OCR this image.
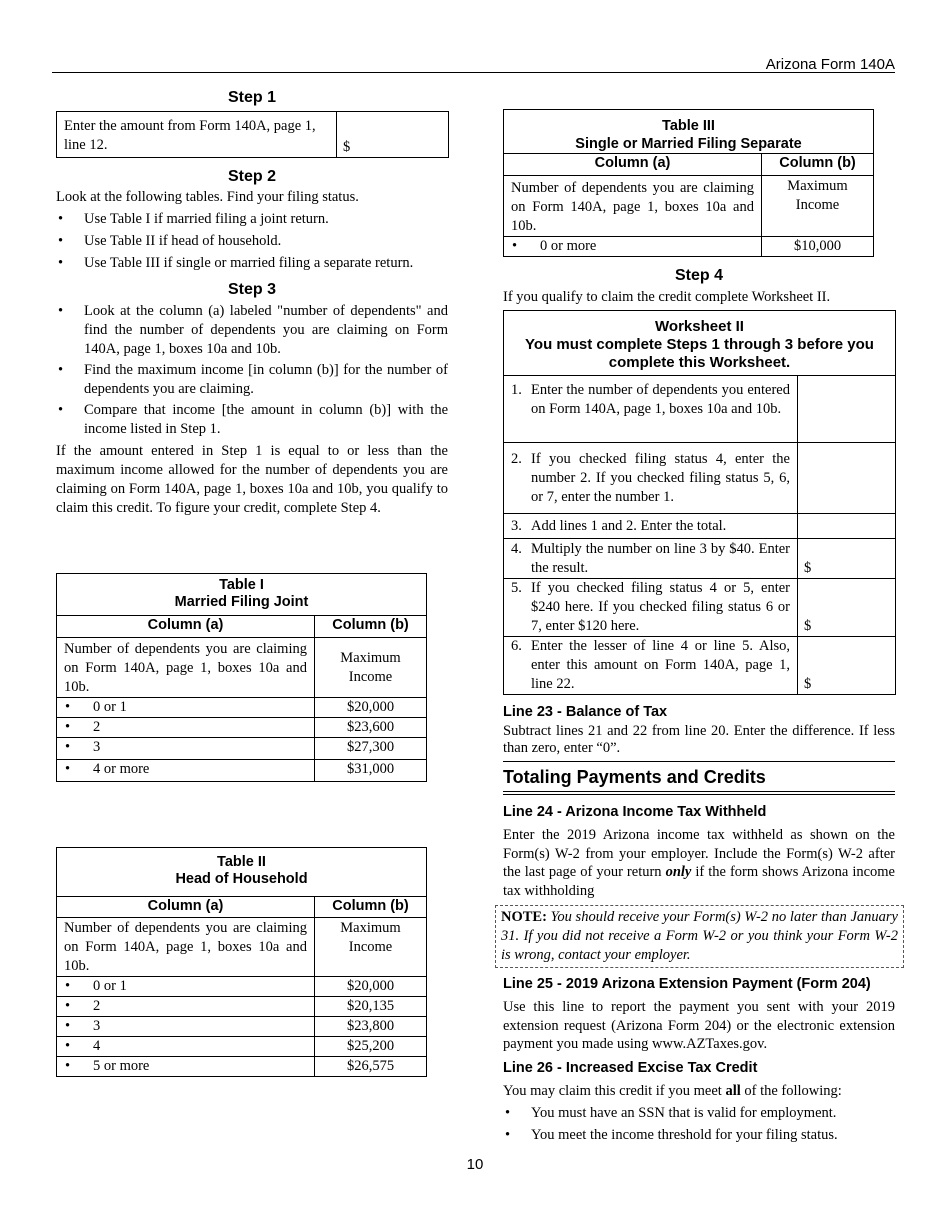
Arizona Form 140A
Step 1
Enter the amount from Form 140A, page 1, line 12.	$
Step 2

Look at the following tables. Find your filing status.

• Use Table I if married filing a joint return.
• Use Table II if head of household.
• Use Table III if single or married filing a separate return.
Step 3
• Look at the column (a) labeled "number of dependents" and find the number of dependents you are claiming on Form 140A, page 1, boxes 10a and 10b.
• Find the maximum income [in column (b)] for the number of dependents you are claiming.
• Compare that income [the amount in column (b)] with the income listed in Step 1.

If the amount entered in Step 1 is equal to or less than the maximum income allowed for the number of dependents you are claiming on Form 140A, page 1, boxes 10a and 10b, you qualify to claim this credit. To figure your credit, complete Step 4.

Table I
Married Filing Joint	

Column (a)	Column (b)
Number of dependents you are claiming on Form 140A, page 1, boxes 10a and 10b.	Maximum Income
• 0 or 1	$20,000
• 2	$23,600
• 3	$27,300
• 4 or more	$31,000
Table II
Head of Household	

Column (a)	Column (b)
Number of dependents you are claiming on Form 140A, page 1, boxes 10a and 10b.	Maximum Income
• 0 or 1	$20,000
• 2	$20,135
• 3	$23,800
• 4	$25,200
• 5 or more	$26,575
Table III
Single or Married Filing Separate	

Column (a)	Column (b)
Number of dependents you are claiming on Form 140A, page 1, boxes 10a and 10b.	Maximum Income
• 0 or more	$10,000
Step 4

If you qualify to claim the credit complete Worksheet II.

Worksheet II
You must complete Steps 1 through 3 before you complete this Worksheet.	

1. Enter the number of dependents you entered on Form 140A, page 1, boxes 10a and 10b.	

2. If you checked filing status 4, enter the number 2. If you checked filing status 5, 6, or 7, enter the number 1.	

3. Add lines 1 and 2. Enter the total.	

4. Multiply the number on line 3 by $40. Enter the result.	$

5. If you checked filing status 4 or 5, enter $240 here. If you checked filing status 6 or 7, enter $120 here.	$

6. Enter the lesser of line 4 or line 5. Also, enter this amount on Form 140A, page 1, line 22.	$
Line 23 - Balance of Tax

Subtract lines 21 and 22 from line 20. Enter the difference. If less than zero, enter “0”.

Totaling Payments and Credits
Line 24 - Arizona Income Tax Withheld

Enter the 2019 Arizona income tax withheld as shown on the Form(s) W-2 from your employer. Include the Form(s) W-2 after the last page of your return only if the form shows Arizona income tax withholding

NOTE: You should receive your Form(s) W-2 no later than January 31. If you did not receive a Form W-2 or you think your Form W-2 is wrong, contact your employer.
Line 25 - 2019 Arizona Extension Payment (Form 204)

Use this line to report the payment you sent with your 2019 extension request (Arizona Form 204) or the electronic extension payment you made using www.AZTaxes.gov.

Line 26 - Increased Excise Tax Credit

You may claim this credit if you meet all of the following:

• You must have an SSN that is valid for employment.
• You meet the income threshold for your filing status.
10
